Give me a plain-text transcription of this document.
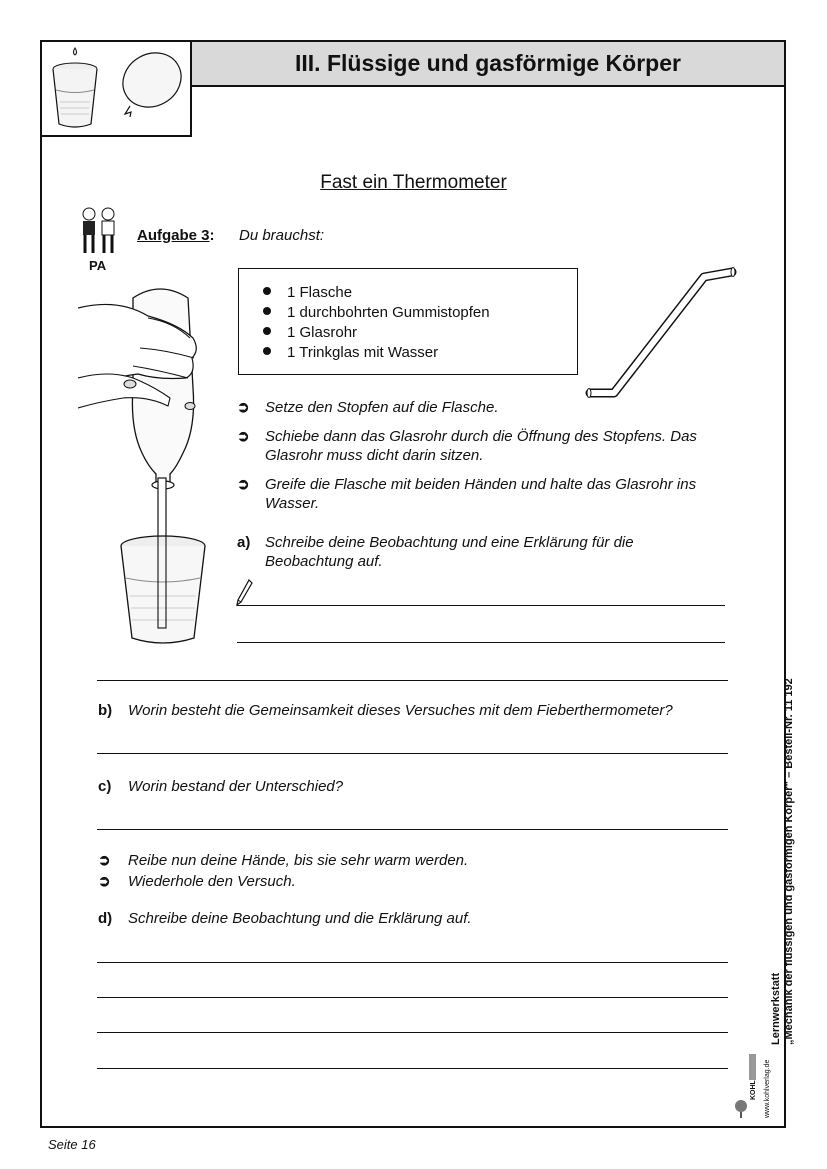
III. Flüssige und gasförmige Körper
Fast ein Thermometer
PA
Aufgabe 3: Du brauchst:
1 Flasche
1 durchbohrten Gummistopfen
1 Glasrohr
1 Trinkglas mit Wasser
➲ Setze den Stopfen auf die Flasche.
➲ Schiebe dann das Glasrohr durch die Öffnung des Stopfens. Das Glasrohr muss dicht darin sitzen.
➲ Greife die Flasche mit beiden Händen und halte das Glasrohr ins Wasser.
a) Schreibe deine Beobachtung und eine Erklärung für die Beobachtung auf.
b) Worin besteht die Gemeinsamkeit dieses Versuches mit dem Fieberthermometer?
c) Worin bestand der Unterschied?
➲ Reibe nun deine Hände, bis sie sehr warm werden.
➲ Wiederhole den Versuch.
d) Schreibe deine Beobachtung und die Erklärung auf.
Lernwerkstatt „Mechanik der flüssigen und gasförmigen Körper“ – Bestell-Nr. 11 192
KOHL www.kohlverlag.de
Seite 16
